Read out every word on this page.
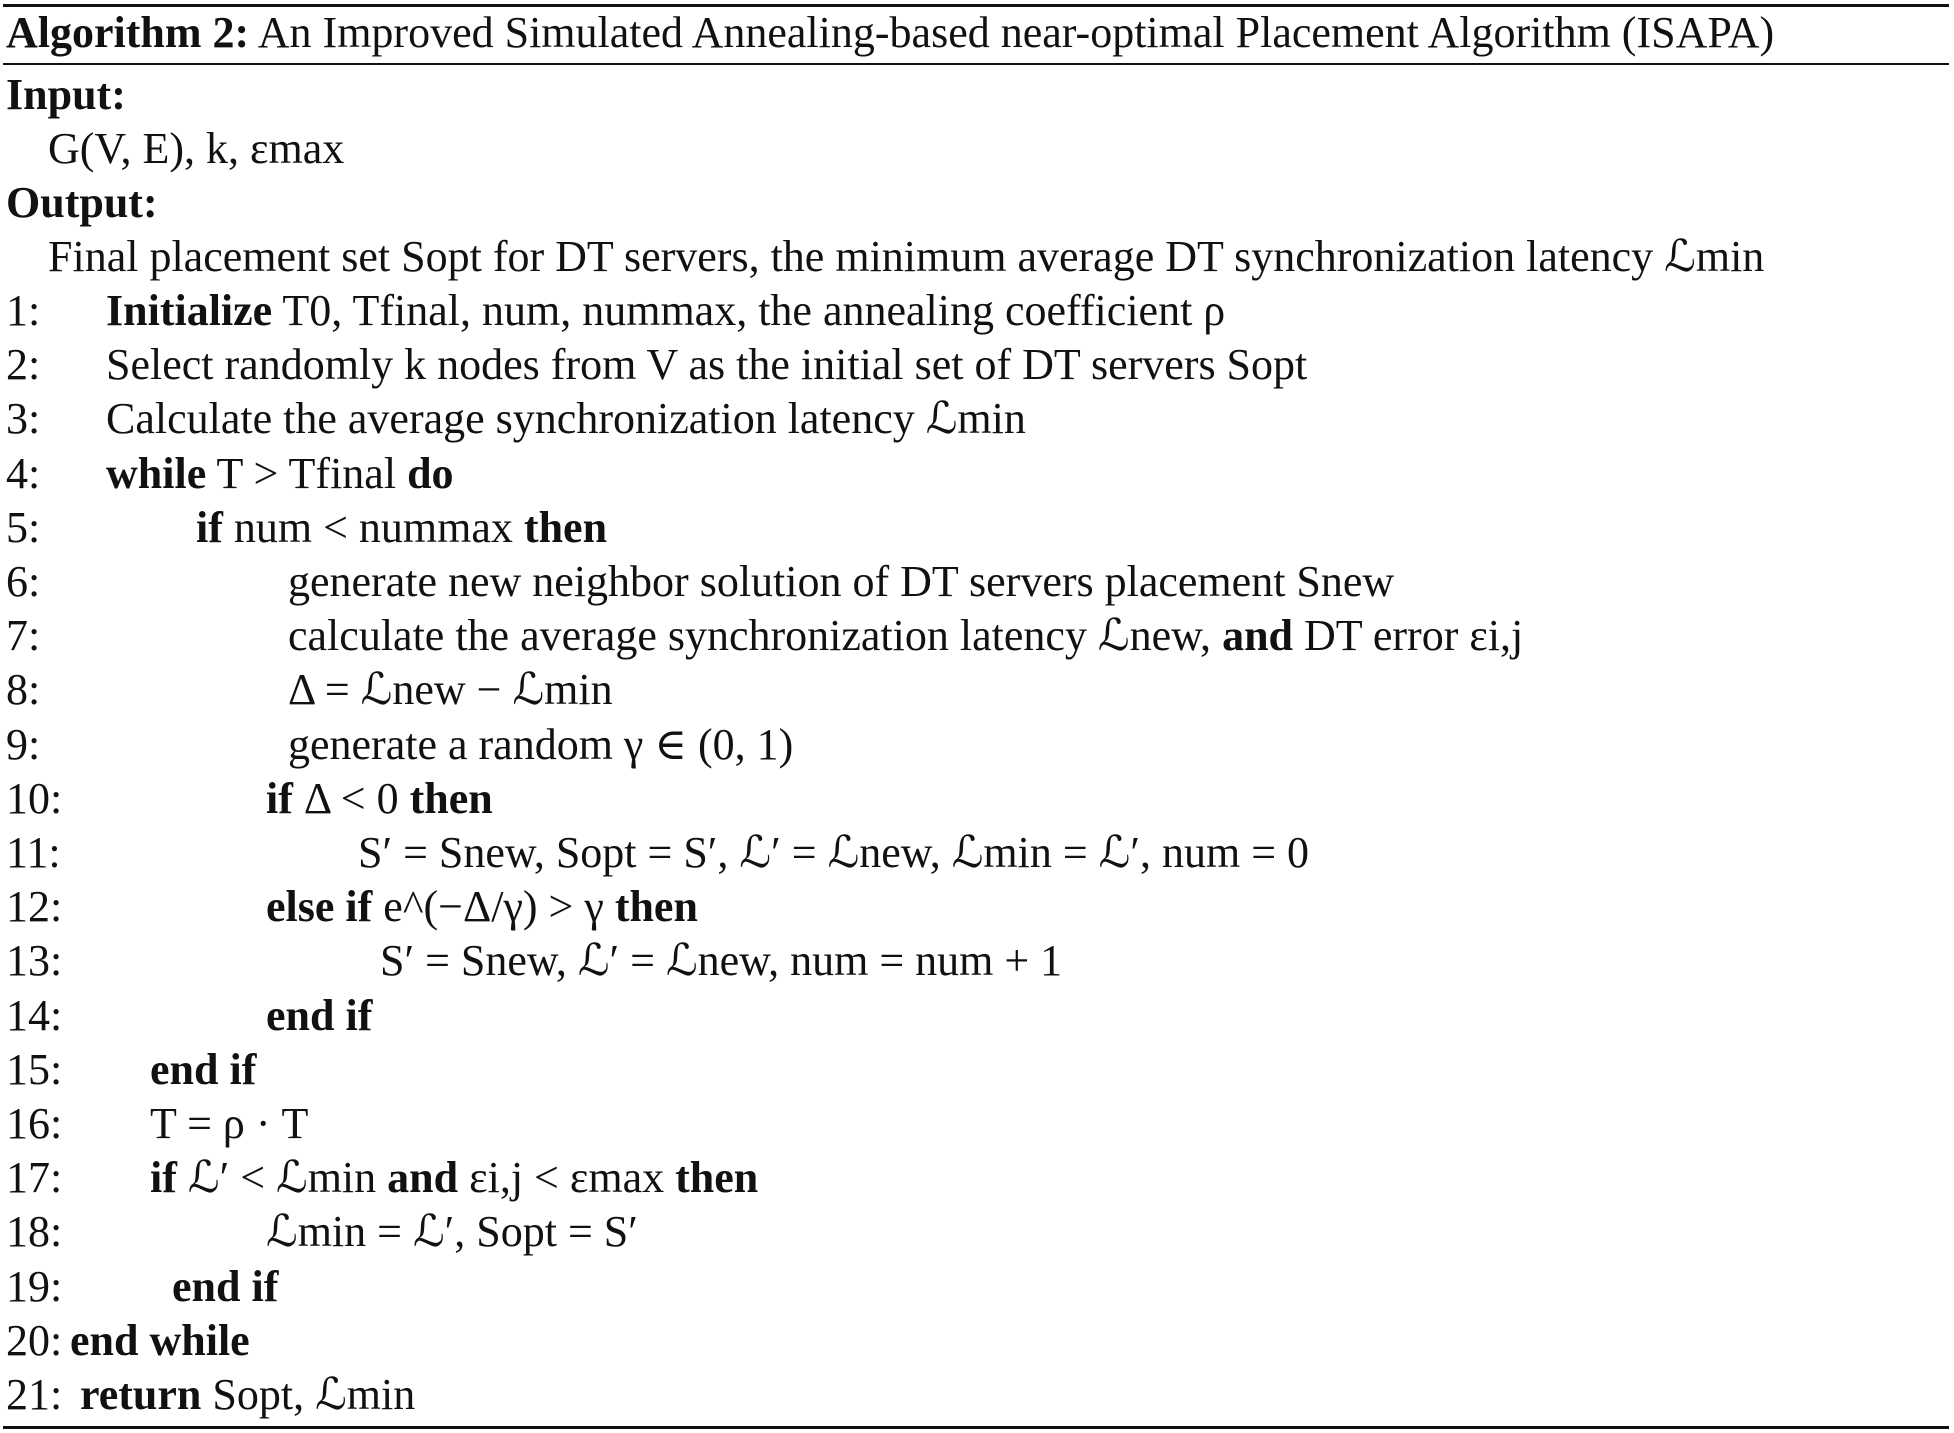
Algorithm 2: An Improved Simulated Annealing-based near-optimal Placement Algorithm (ISAPA)
Input:
G(V, E), k, εmax
Output:
Final placement set Sopt for DT servers, the minimum average DT synchronization latency ℒmin
1:	Initialize T0, Tfinal, num, nummax, the annealing coefficient ρ
2:	Select randomly k nodes from V as the initial set of DT servers Sopt
3:	Calculate the average synchronization latency ℒmin
4:	while T > Tfinal do
5:	if num < nummax then
6:	generate new neighbor solution of DT servers placement Snew
7:	calculate the average synchronization latency ℒnew, and DT error εi,j
8:	Δ = ℒnew − ℒmin
9:	generate a random γ ∈ (0, 1)
10:	if Δ < 0 then
11:	S′ = Snew, Sopt = S′, ℒ′ = ℒnew, ℒmin = ℒ′, num = 0
12:	else if e^(−Δ/γ) > γ then
13:	S′ = Snew, ℒ′ = ℒnew, num = num + 1
14:	end if
15:	end if
16:	T = ρ · T
17:	if ℒ′ < ℒmin and εi,j < εmax then
18:	ℒmin = ℒ′, Sopt = S′
19:	end if
20: end while
21: return Sopt, ℒmin
